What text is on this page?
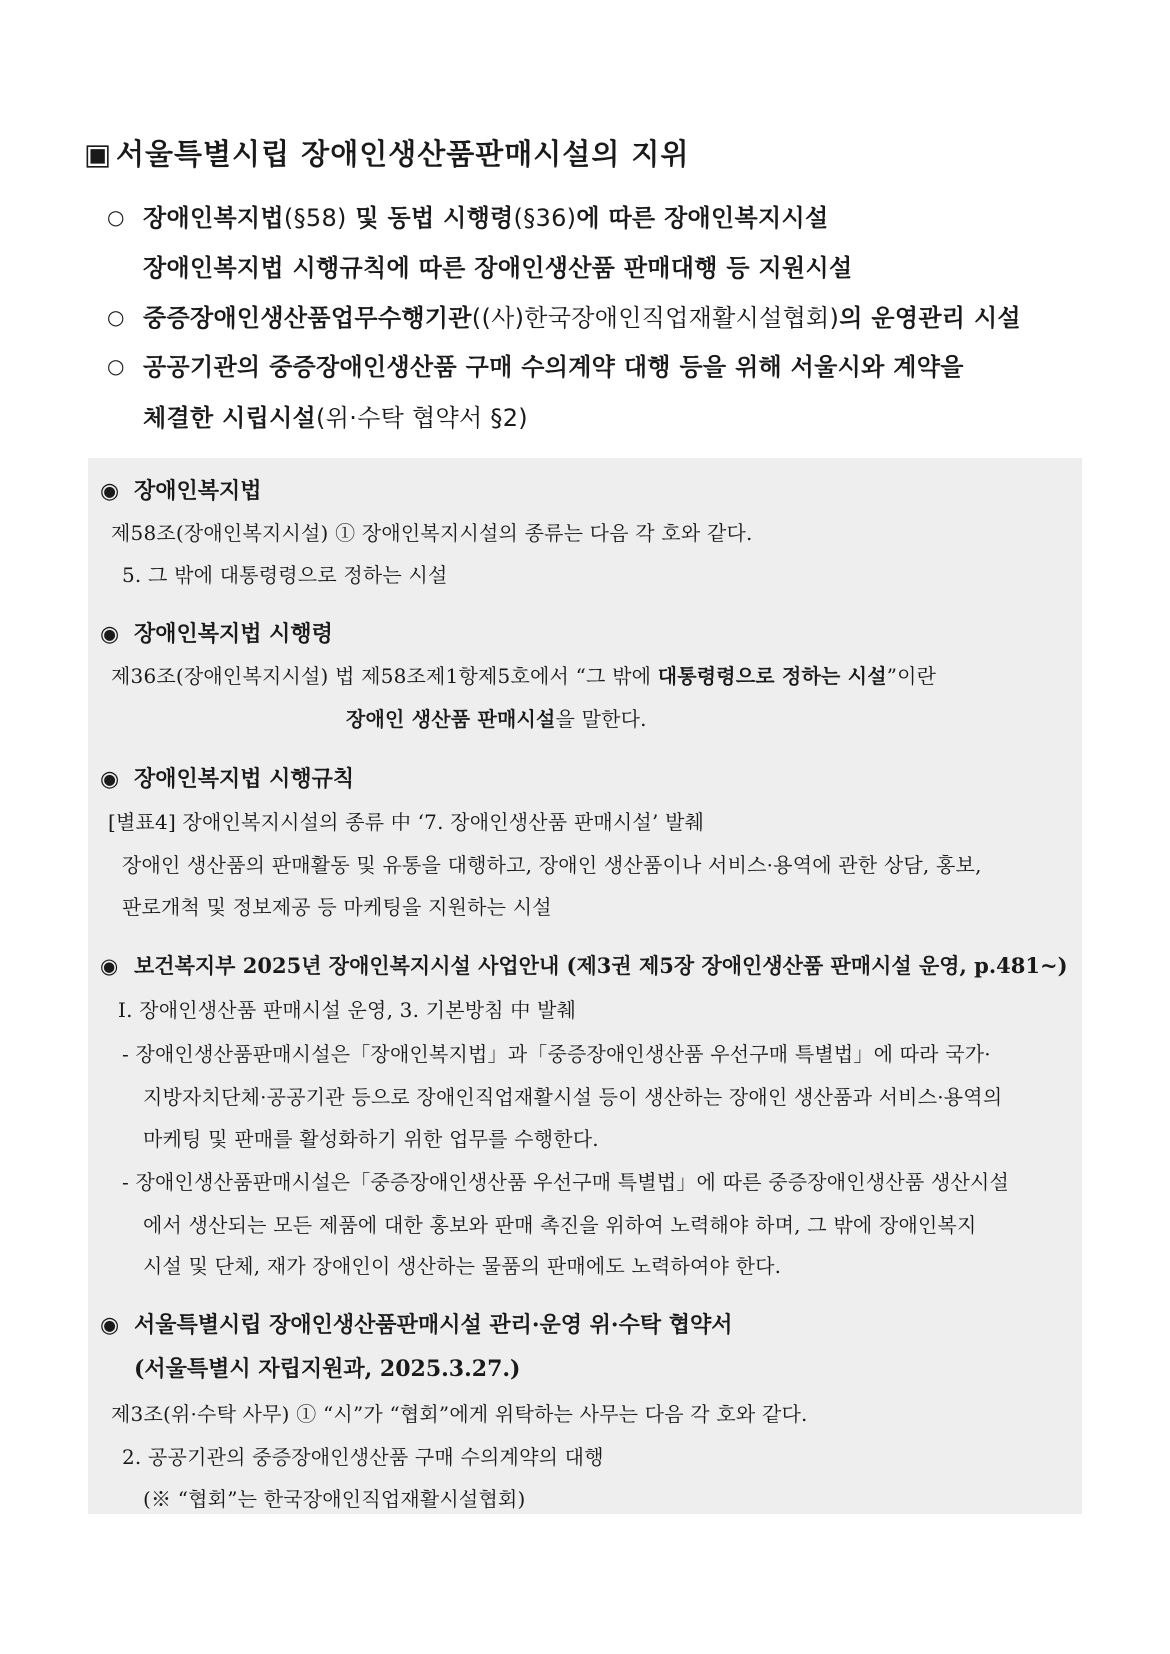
▣ 서울특별시립 장애인생산품판매시설의 지위
○ 장애인복지법(§58) 및 동법 시행령(§36)에 따른 장애인복지시설
장애인복지법 시행규칙에 따른 장애인생산품 판매대행 등 지원시설
○ 중증장애인생산품업무수행기관((사)한국장애인직업재활시설협회)의 운영관리 시설
○ 공공기관의 중증장애인생산품 구매 수의계약 대행 등을 위해 서울시와 계약을
체결한 시립시설(위·수탁 협약서 §2)
◉ 장애인복지법
제58조(장애인복지시설) ① 장애인복지시설의 종류는 다음 각 호와 같다.
5. 그 밖에 대통령령으로 정하는 시설
◉ 장애인복지법 시행령
제36조(장애인복지시설) 법 제58조제1항제5호에서 “그 밖에 대통령령으로 정하는 시설”이란
장애인 생산품 판매시설을 말한다.
◉ 장애인복지법 시행규칙
[별표4] 장애인복지시설의 종류 中 ‘7. 장애인생산품 판매시설’ 발췌
장애인 생산품의 판매활동 및 유통을 대행하고, 장애인 생산품이나 서비스·용역에 관한 상담, 홍보,
판로개척 및 정보제공 등 마케팅을 지원하는 시설
◉ 보건복지부 2025년 장애인복지시설 사업안내 (제3권 제5장 장애인생산품 판매시설 운영, p.481~)
Ⅰ. 장애인생산품 판매시설 운영, 3. 기본방침 中 발췌
- 장애인생산품판매시설은「장애인복지법」과「중증장애인생산품 우선구매 특별법」에 따라 국가·
지방자치단체·공공기관 등으로 장애인직업재활시설 등이 생산하는 장애인 생산품과 서비스·용역의
마케팅 및 판매를 활성화하기 위한 업무를 수행한다.
- 장애인생산품판매시설은「중증장애인생산품 우선구매 특별법」에 따른 중증장애인생산품 생산시설
에서 생산되는 모든 제품에 대한 홍보와 판매 촉진을 위하여 노력해야 하며, 그 밖에 장애인복지
시설 및 단체, 재가 장애인이 생산하는 물품의 판매에도 노력하여야 한다.
◉ 서울특별시립 장애인생산품판매시설 관리·운영 위·수탁 협약서
(서울특별시 자립지원과, 2025.3.27.)
제3조(위·수탁 사무) ① “시”가 “협회”에게 위탁하는 사무는 다음 각 호와 같다.
2. 공공기관의 중증장애인생산품 구매 수의계약의 대행
(※ “협회”는 한국장애인직업재활시설협회)
